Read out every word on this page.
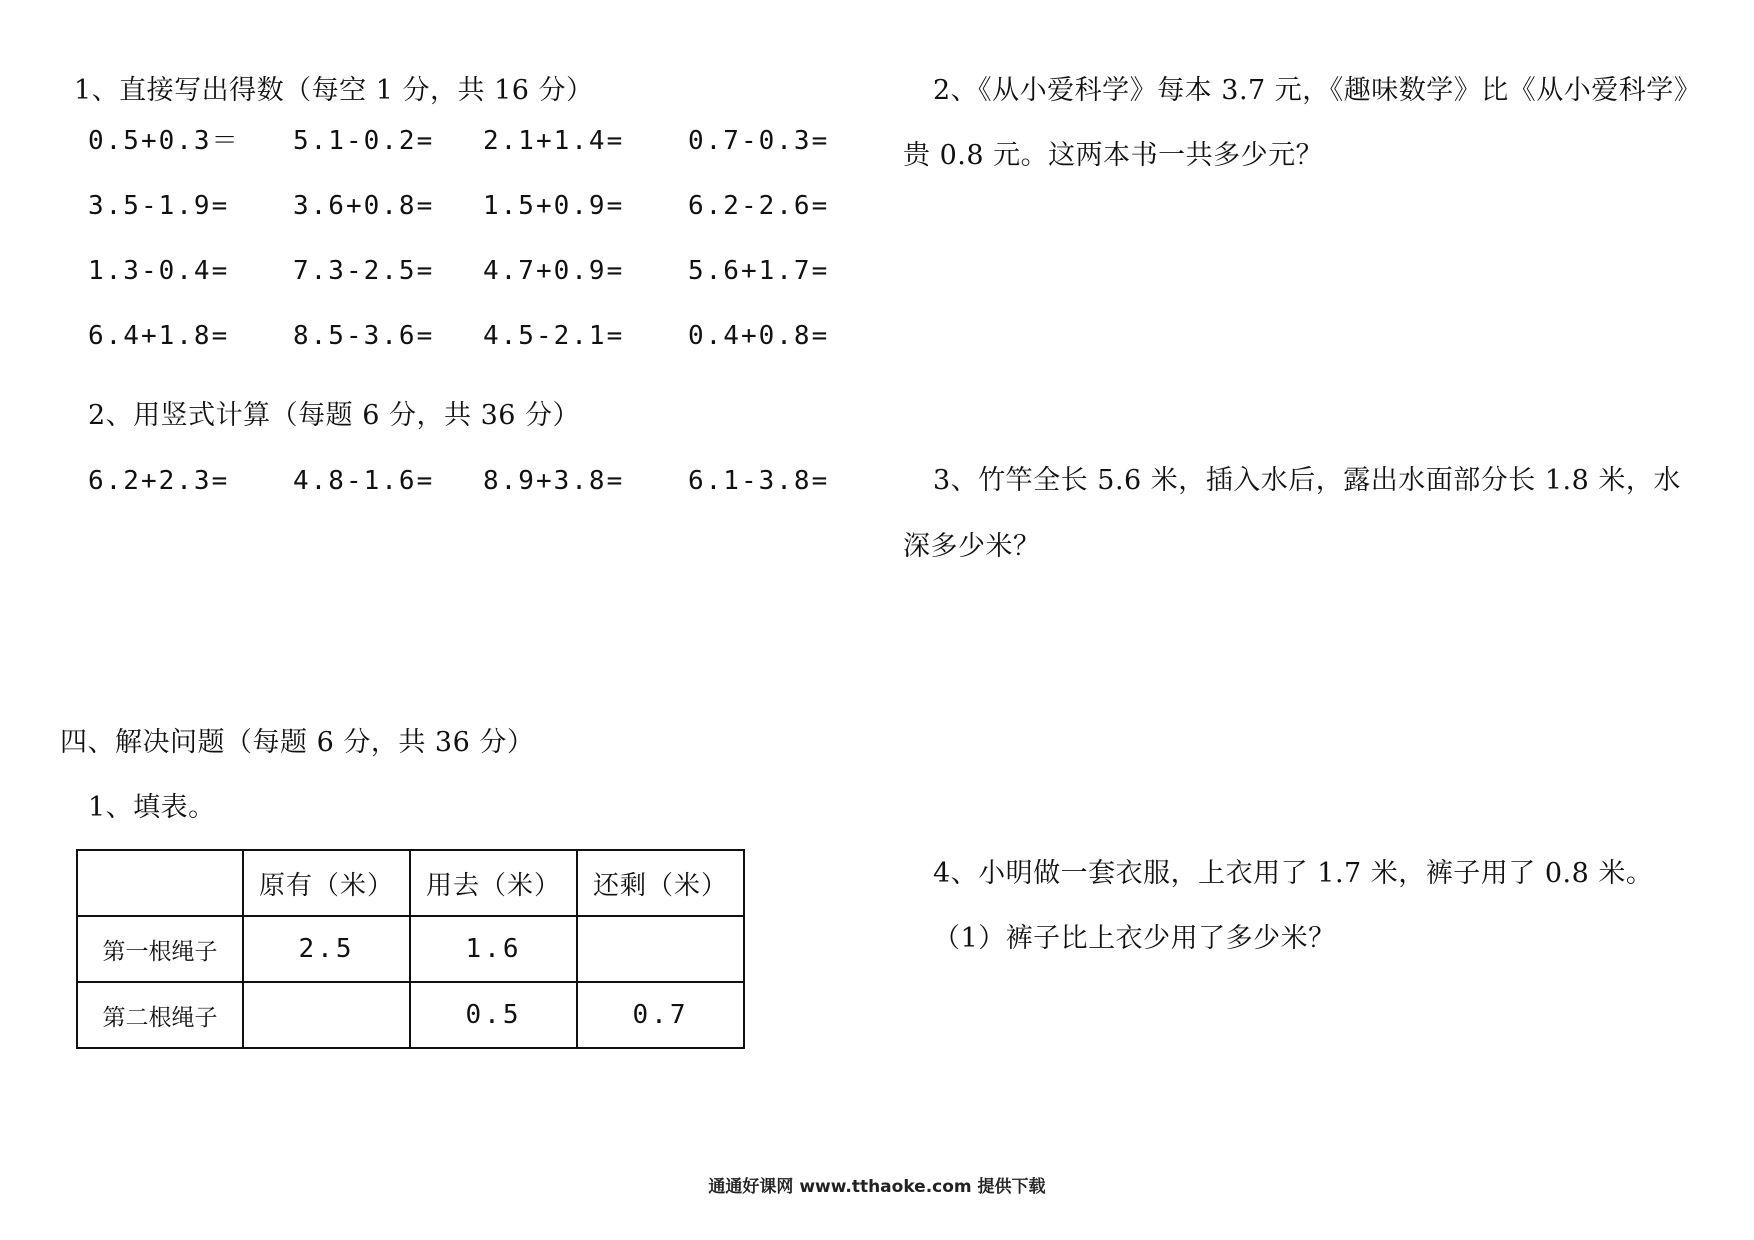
1、直接写出得数（每空 1 分，共 16 分）
0.5+0.3＝ 5.1-0.2= 2.1+1.4= 0.7-0.3=
3.5-1.9= 3.6+0.8= 1.5+0.9= 6.2-2.6=
1.3-0.4= 7.3-2.5= 4.7+0.9= 5.6+1.7=
6.4+1.8= 8.5-3.6= 4.5-2.1= 0.4+0.8=
2、用竖式计算（每题 6 分，共 36 分）
6.2+2.3= 4.8-1.6= 8.9+3.8= 6.1-3.8=
四、解决问题（每题 6 分，共 36 分）
1、填表。
	原有（米）	用去（米）	还剩（米）
第一根绳子	2.5	1.6	
第二根绳子		0.5	0.7
2、《从小爱科学》每本 3.7 元，《趣味数学》比《从小爱科学》
贵 0.8 元。这两本书一共多少元？
3、竹竿全长 5.6 米，插入水后，露出水面部分长 1.8 米，水
深多少米？
4、小明做一套衣服，上衣用了 1.7 米，裤子用了 0.8 米。
（1）裤子比上衣少用了多少米？
通通好课网 www.tthaoke.com 提供下载
